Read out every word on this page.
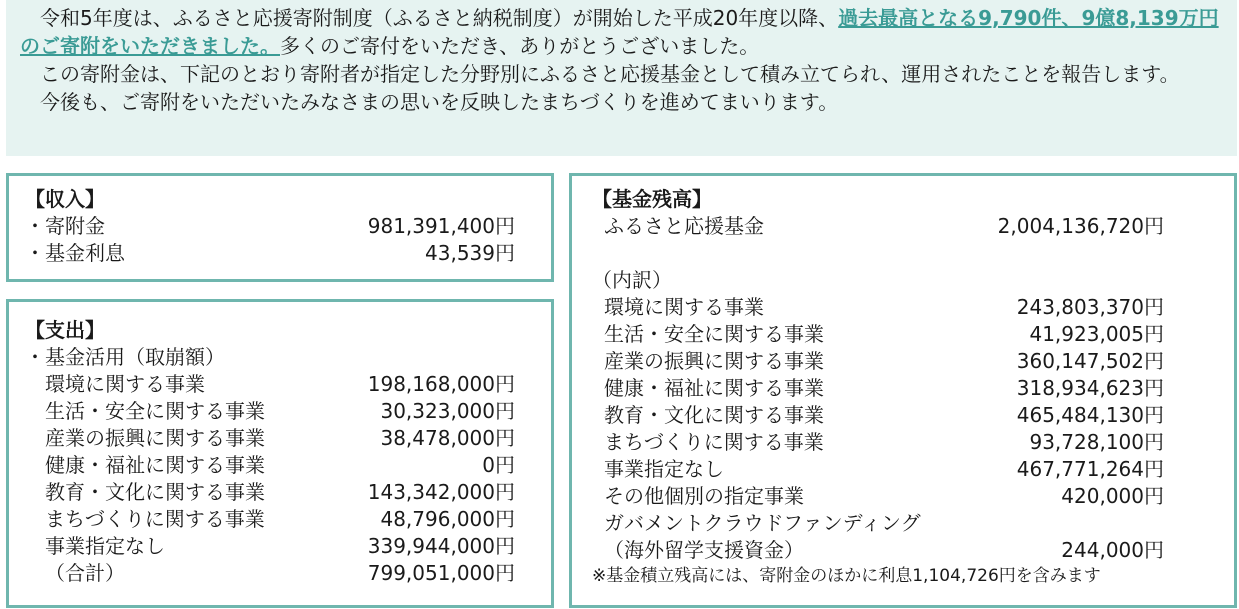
令和5年度は、ふるさと応援寄附制度（ふるさと納税制度）が開始した平成20年度以降、過去最高となる9,790件、9億8,139万円のご寄附をいただきました。多くのご寄付をいただき、ありがとうございました。

この寄附金は、下記のとおり寄附者が指定した分野別にふるさと応援基金として積み立てられ、運用されたことを報告します。

今後も、ご寄附をいただいたみなさまの思いを反映したまちづくりを進めてまいります。

【収入】
・寄附金	981,391,400円
・基金利息	43,539円
【支出】
・基金活用（取崩額）
環境に関する事業	198,168,000円
生活・安全に関する事業	30,323,000円
産業の振興に関する事業	38,478,000円
健康・福祉に関する事業	0円
教育・文化に関する事業	143,342,000円
まちづくりに関する事業	48,796,000円
事業指定なし	339,944,000円
（合計）	799,051,000円
【基金残高】
ふるさと応援基金	2,004,136,720円
（内訳）
環境に関する事業	243,803,370円
生活・安全に関する事業	41,923,005円
産業の振興に関する事業	360,147,502円
健康・福祉に関する事業	318,934,623円
教育・文化に関する事業	465,484,130円
まちづくりに関する事業	93,728,100円
事業指定なし	467,771,264円
その他個別の指定事業	420,000円
ガバメントクラウドファンディング
（海外留学支援資金）	244,000円
※基金積立残高には、寄附金のほかに利息1,104,726円を含みます
